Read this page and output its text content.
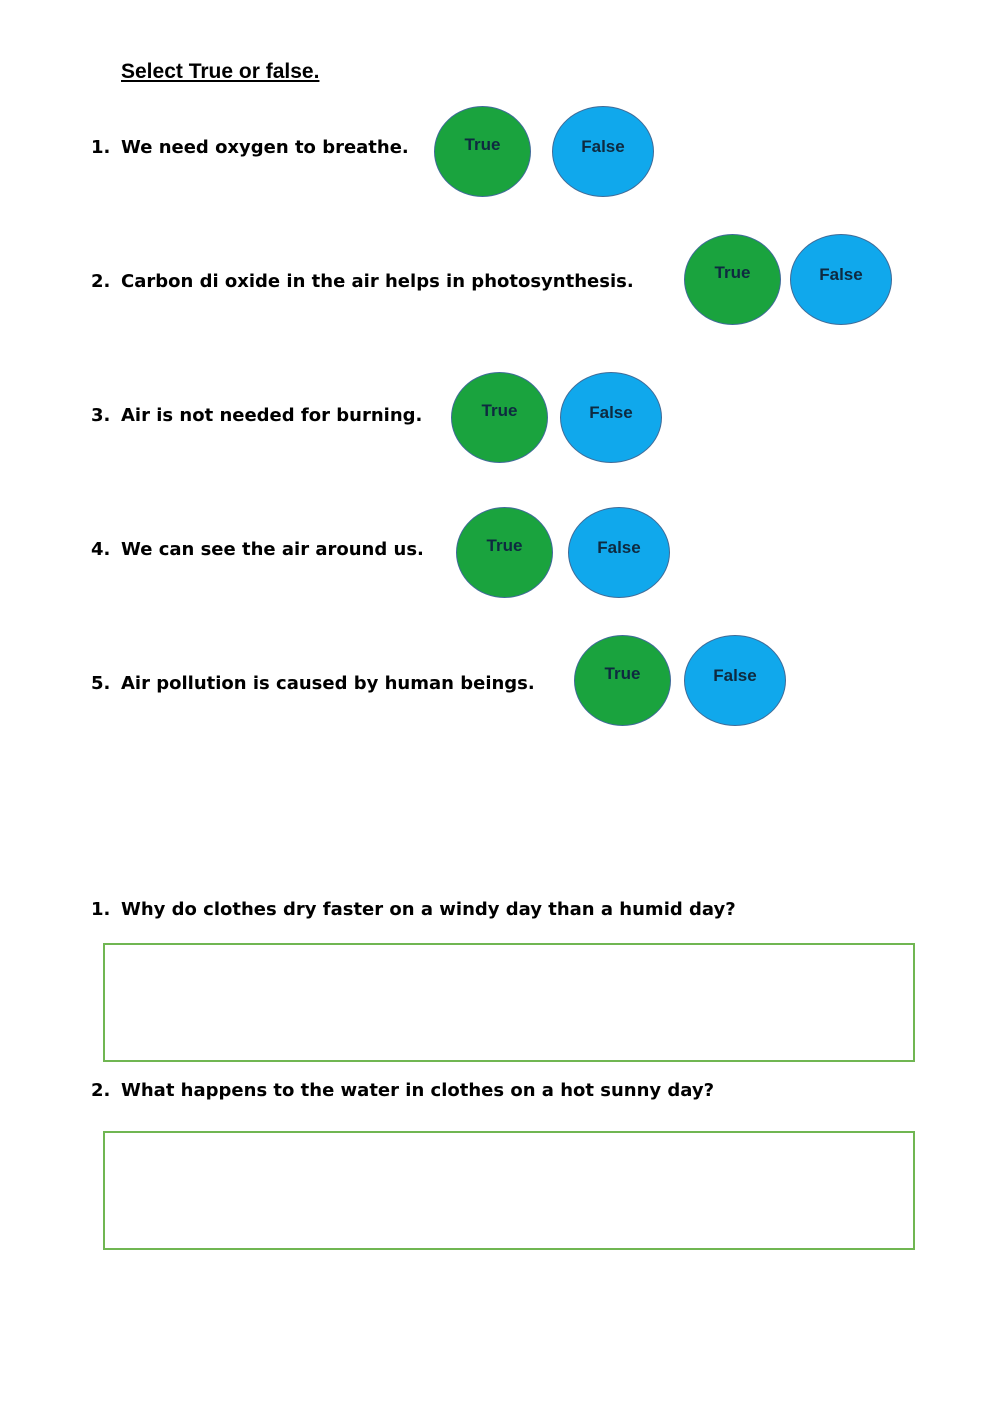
Select True or false.
1. We need oxygen to breathe.	True	False
2. Carbon di oxide in the air helps in photosynthesis.	True	False
3. Air is not needed for burning.	True	False
4. We can see the air around us.	True	False
5. Air pollution is caused by human beings.	True	False
1. Why do clothes dry faster on a windy day than a humid day?
2. What happens to the water in clothes on a hot sunny day?
